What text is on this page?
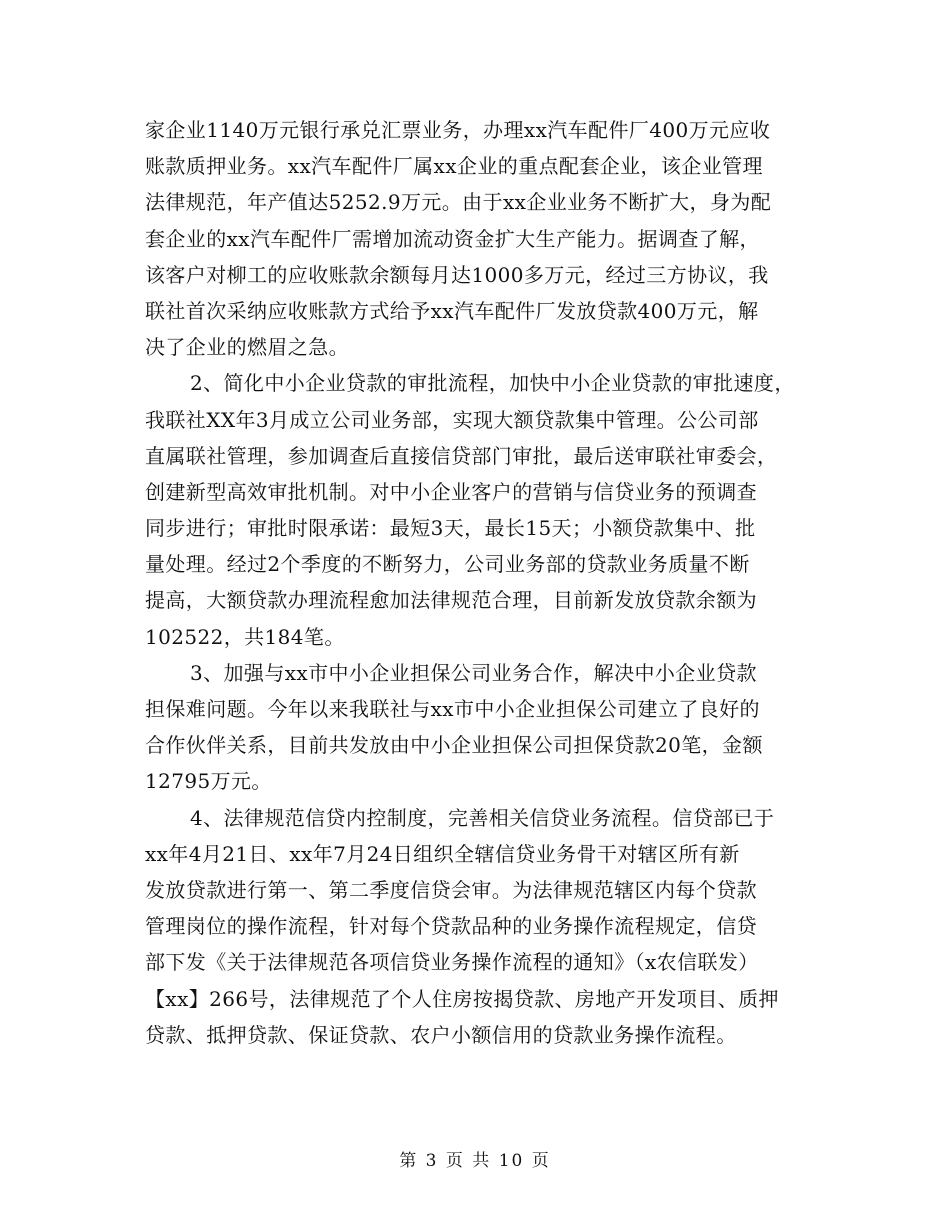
家企业1140万元银行承兑汇票业务，办理xx汽车配件厂400万元应收
账款质押业务。xx汽车配件厂属xx企业的重点配套企业，该企业管理
法律规范，年产值达5252.9万元。由于xx企业业务不断扩大，身为配
套企业的xx汽车配件厂需增加流动资金扩大生产能力。据调查了解，
该客户对柳工的应收账款余额每月达1000多万元，经过三方协议，我
联社首次采纳应收账款方式给予xx汽车配件厂发放贷款400万元，解
决了企业的燃眉之急。
2、简化中小企业贷款的审批流程，加快中小企业贷款的审批速度，
我联社XX年3月成立公司业务部，实现大额贷款集中管理。公公司部
直属联社管理，参加调查后直接信贷部门审批，最后送审联社审委会，
创建新型高效审批机制。对中小企业客户的营销与信贷业务的预调查
同步进行；审批时限承诺：最短3天，最长15天；小额贷款集中、批
量处理。经过2个季度的不断努力，公司业务部的贷款业务质量不断
提高，大额贷款办理流程愈加法律规范合理，目前新发放贷款余额为
102522，共184笔。
3、加强与xx市中小企业担保公司业务合作，解决中小企业贷款
担保难问题。今年以来我联社与xx市中小企业担保公司建立了良好的
合作伙伴关系，目前共发放由中小企业担保公司担保贷款20笔，金额
12795万元。
4、法律规范信贷内控制度，完善相关信贷业务流程。信贷部已于
xx年4月21日、xx年7月24日组织全辖信贷业务骨干对辖区所有新
发放贷款进行第一、第二季度信贷会审。为法律规范辖区内每个贷款
管理岗位的操作流程，针对每个贷款品种的业务操作流程规定，信贷
部下发《关于法律规范各项信贷业务操作流程的通知》（x农信联发）
【xx】266号，法律规范了个人住房按揭贷款、房地产开发项目、质押
贷款、抵押贷款、保证贷款、农户小额信用的贷款业务操作流程。
第 3 页 共 10 页
